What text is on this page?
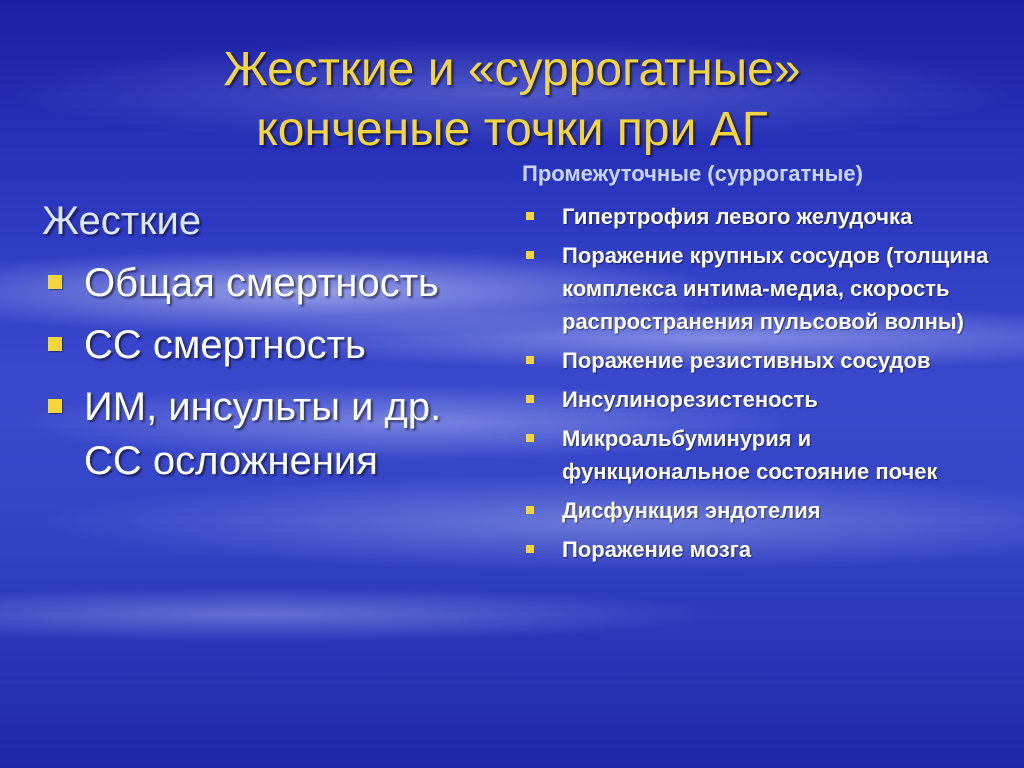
Жесткие и «суррогатные»
конченые точки при АГ
Жесткие
Общая смертность
СС смертность
ИМ, инсульты и др. СС осложнения
Промежуточные (суррогатные)
Гипертрофия левого желудочка
Поражение крупных сосудов (толщина комплекса интима-медиа, скорость распространения пульсовой волны)
Поражение резистивных сосудов
Инсулинорезистеность
Микроальбуминурия и функциональное состояние почек
Дисфункция эндотелия
Поражение мозга
